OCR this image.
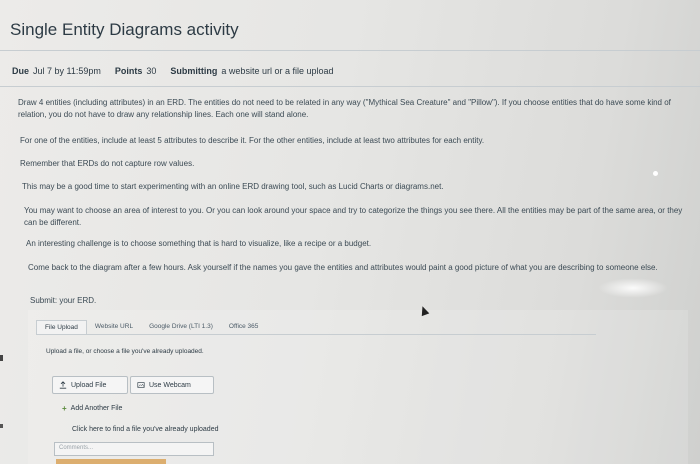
Single Entity Diagrams activity
Due Jul 7 by 11:59pm Points 30 Submitting a website url or a file upload

Draw 4 entities (including attributes) in an ERD. The entities do not need to be related in any way ("Mythical Sea Creature" and "Pillow"). If you choose entities that do have some kind of relation, you do not have to draw any relationship lines. Each one will stand alone.

For one of the entities, include at least 5 attributes to describe it. For the other entities, include at least two attributes for each entity.

Remember that ERDs do not capture row values.

This may be a good time to start experimenting with an online ERD drawing tool, such as Lucid Charts or diagrams.net.

You may want to choose an area of interest to you. Or you can look around your space and try to categorize the things you see there. All the entities may be part of the same area, or they can be different.

An interesting challenge is to choose something that is hard to visualize, like a recipe or a budget.

Come back to the diagram after a few hours. Ask yourself if the names you gave the entities and attributes would paint a good picture of what you are describing to someone else.

Submit: your ERD.

File Upload	Website URL	Google Drive (LTI 1.3)	Office 365
Upload a file, or choose a file you've already uploaded.
Upload File	Use Webcam
+ Add Another File
Click here to find a file you've already uploaded
Comments...
